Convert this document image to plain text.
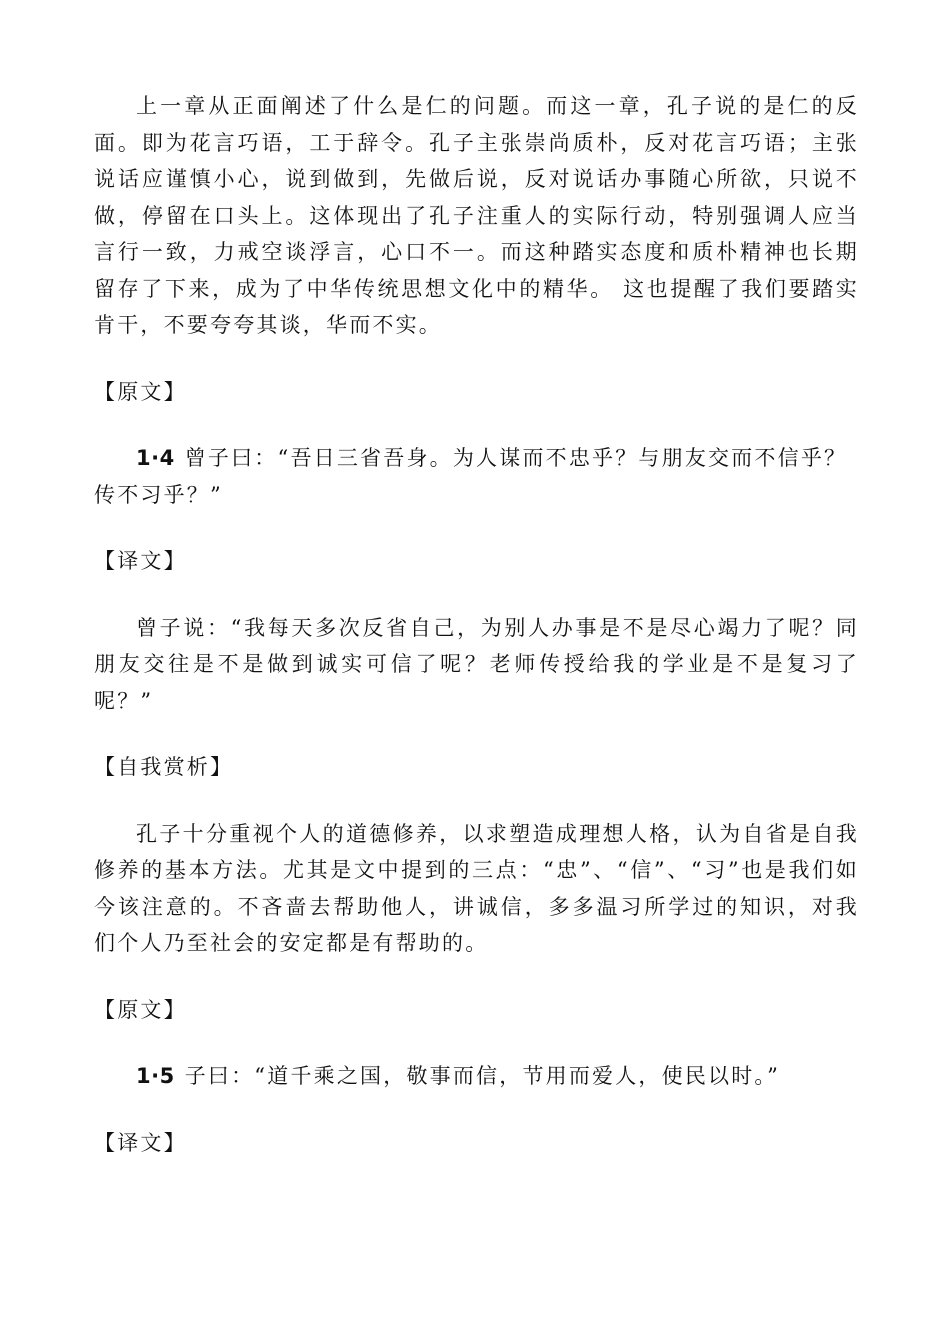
上一章从正面阐述了什么是仁的问题。而这一章，孔子说的是仁的反面。即为花言巧语，工于辞令。孔子主张崇尚质朴，反对花言巧语；主张说话应谨慎小心，说到做到，先做后说，反对说话办事随心所欲，只说不做，停留在口头上。这体现出了孔子注重人的实际行动，特别强调人应当言行一致，力戒空谈浮言，心口不一。而这种踏实态度和质朴精神也长期留存了下来，成为了中华传统思想文化中的精华。 这也提醒了我们要踏实肯干，不要夸夸其谈，华而不实。

【原文】

1·4 曾子曰：“吾日三省吾身。为人谋而不忠乎？与朋友交而不信乎？传不习乎？”

【译文】

曾子说：“我每天多次反省自己，为别人办事是不是尽心竭力了呢？同朋友交往是不是做到诚实可信了呢？老师传授给我的学业是不是复习了呢？”

【自我赏析】

孔子十分重视个人的道德修养，以求塑造成理想人格，认为自省是自我修养的基本方法。尤其是文中提到的三点：“忠”、“信”、“习”也是我们如今该注意的。不吝啬去帮助他人，讲诚信，多多温习所学过的知识，对我们个人乃至社会的安定都是有帮助的。

【原文】

1·5 子曰：“道千乘之国，敬事而信，节用而爱人，使民以时。”

【译文】
